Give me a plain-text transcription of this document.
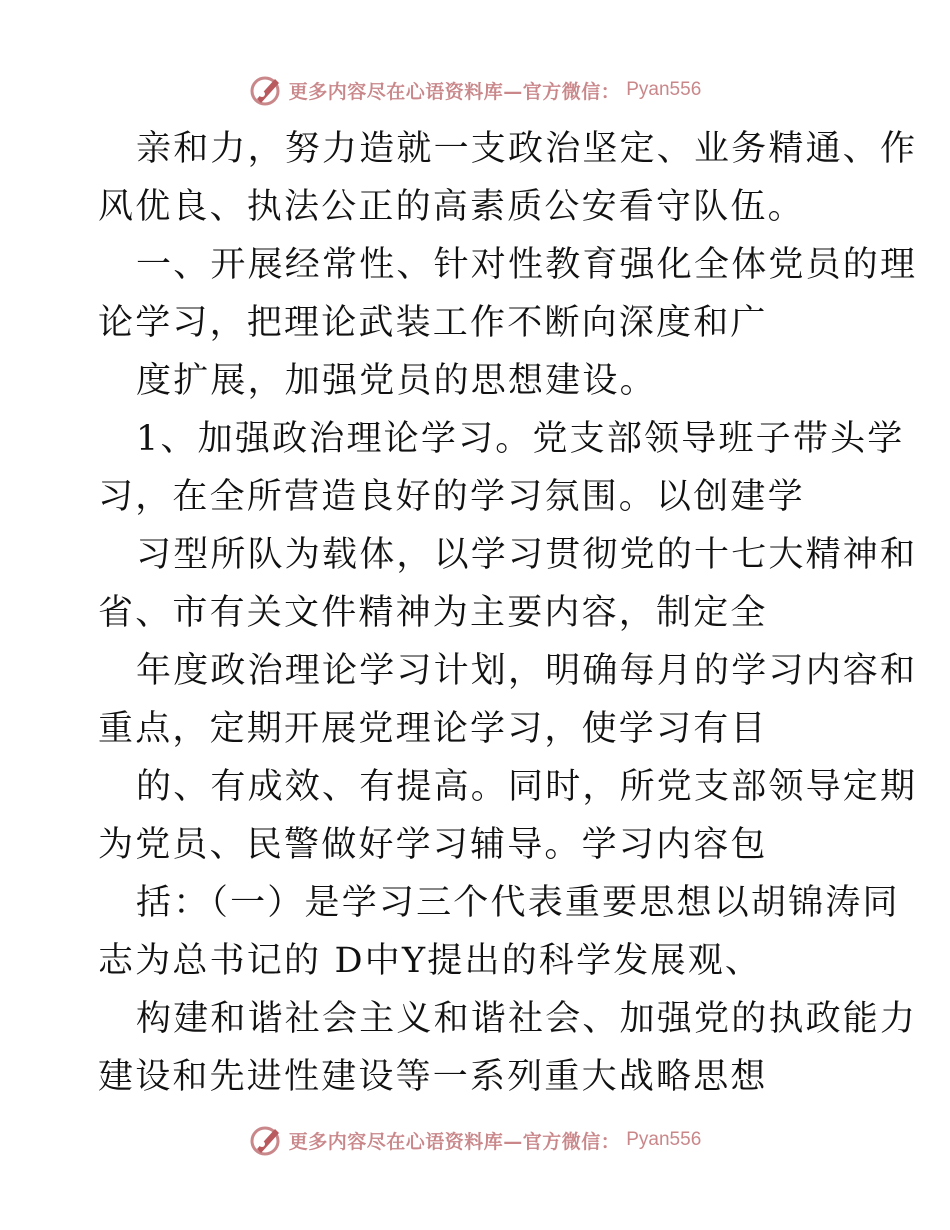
更多内容尽在心语资料库—官方微信： Pyan556
亲和力，努力造就一支政治坚定、业务精通、作
风优良、执法公正的高素质公安看守队伍。
一、开展经常性、针对性教育强化全体党员的理
论学习，把理论武装工作不断向深度和广
度扩展，加强党员的思想建设。
1、加强政治理论学习。党支部领导班子带头学
习，在全所营造良好的学习氛围。以创建学
习型所队为载体，以学习贯彻党的十七大精神和
省、市有关文件精神为主要内容，制定全
年度政治理论学习计划，明确每月的学习内容和
重点，定期开展党理论学习，使学习有目
的、有成效、有提高。同时，所党支部领导定期
为党员、民警做好学习辅导。学习内容包
括：（一）是学习三个代表重要思想以胡锦涛同
志为总书记的 D中Y提出的科学发展观、
构建和谐社会主义和谐社会、加强党的执政能力
建设和先进性建设等一系列重大战略思想
更多内容尽在心语资料库—官方微信： Pyan556
